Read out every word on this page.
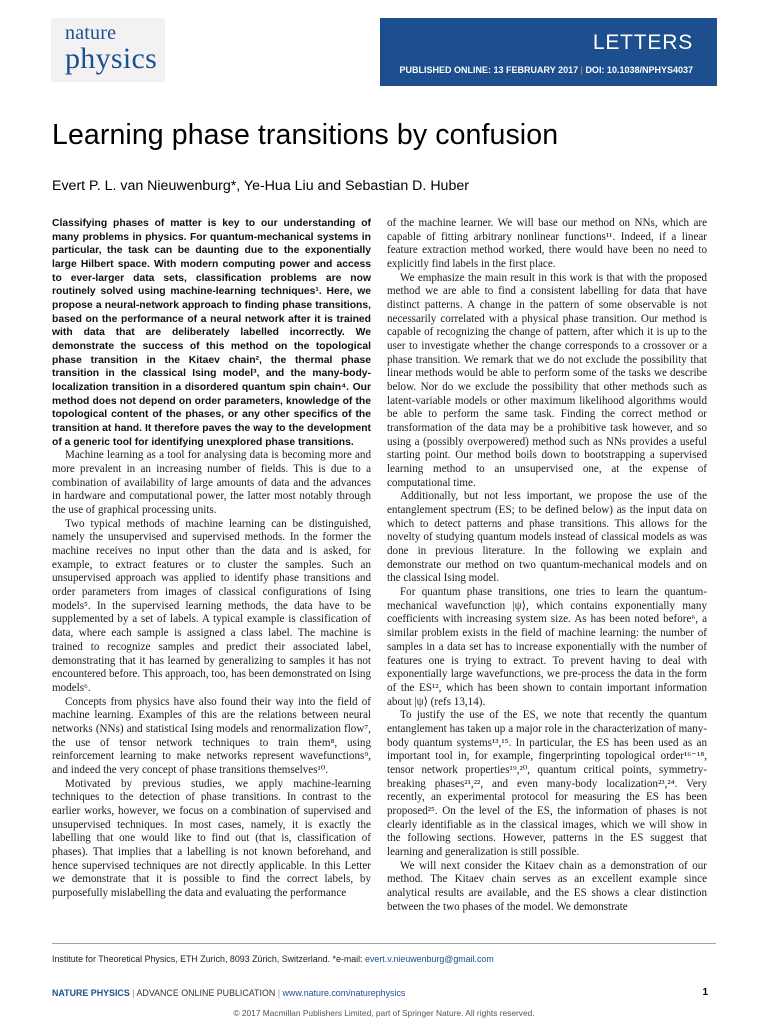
nature
physics	LETTERS
PUBLISHED ONLINE: 13 FEBRUARY 2017 | DOI: 10.1038/NPHYS4037
Learning phase transitions by confusion
Evert P. L. van Nieuwenburg*, Ye-Hua Liu and Sebastian D. Huber

Classifying phases of matter is key to our understanding of many problems in physics. For quantum-mechanical systems in particular, the task can be daunting due to the exponentially large Hilbert space. With modern computing power and access to ever-larger data sets, classification problems are now routinely solved using machine-learning techniques¹. Here, we propose a neural-network approach to finding phase transitions, based on the performance of a neural network after it is trained with data that are deliberately labelled incorrectly. We demonstrate the success of this method on the topological phase transition in the Kitaev chain², the thermal phase transition in the classical Ising model³, and the many-body-localization transition in a disordered quantum spin chain⁴. Our method does not depend on order parameters, knowledge of the topological content of the phases, or any other specifics of the transition at hand. It therefore paves the way to the development of a generic tool for identifying unexplored phase transitions.

Machine learning as a tool for analysing data is becoming more and more prevalent in an increasing number of fields. This is due to a combination of availability of large amounts of data and the advances in hardware and computational power, the latter most notably through the use of graphical processing units.

Two typical methods of machine learning can be distinguished, namely the unsupervised and supervised methods. In the former the machine receives no input other than the data and is asked, for example, to extract features or to cluster the samples. Such an unsupervised approach was applied to identify phase transitions and order parameters from images of classical configurations of Ising models⁵. In the supervised learning methods, the data have to be supplemented by a set of labels. A typical example is classification of data, where each sample is assigned a class label. The machine is trained to recognize samples and predict their associated label, demonstrating that it has learned by generalizing to samples it has not encountered before. This approach, too, has been demonstrated on Ising models⁶.

Concepts from physics have also found their way into the field of machine learning. Examples of this are the relations between neural networks (NNs) and statistical Ising models and renormalization flow⁷, the use of tensor network techniques to train them⁸, using reinforcement learning to make networks represent wavefunctions⁹, and indeed the very concept of phase transitions themselves¹⁰.

Motivated by previous studies, we apply machine-learning techniques to the detection of phase transitions. In contrast to the earlier works, however, we focus on a combination of supervised and unsupervised techniques. In most cases, namely, it is exactly the labelling that one would like to find out (that is, classification of phases). That implies that a labelling is not known beforehand, and hence supervised techniques are not directly applicable. In this Letter we demonstrate that it is possible to find the correct labels, by purposefully mislabelling the data and evaluating the performance

of the machine learner. We will base our method on NNs, which are capable of fitting arbitrary nonlinear functions¹¹. Indeed, if a linear feature extraction method worked, there would have been no need to explicitly find labels in the first place.

We emphasize the main result in this work is that with the proposed method we are able to find a consistent labelling for data that have distinct patterns. A change in the pattern of some observable is not necessarily correlated with a physical phase transition. Our method is capable of recognizing the change of pattern, after which it is up to the user to investigate whether the change corresponds to a crossover or a phase transition. We remark that we do not exclude the possibility that linear methods would be able to perform some of the tasks we describe below. Nor do we exclude the possibility that other methods such as latent-variable models or other maximum likelihood algorithms would be able to perform the same task. Finding the correct method or transformation of the data may be a prohibitive task however, and so using a (possibly overpowered) method such as NNs provides a useful starting point. Our method boils down to bootstrapping a supervised learning method to an unsupervised one, at the expense of computational time.

Additionally, but not less important, we propose the use of the entanglement spectrum (ES; to be defined below) as the input data on which to detect patterns and phase transitions. This allows for the novelty of studying quantum models instead of classical models as was done in previous literature. In the following we explain and demonstrate our method on two quantum-mechanical models and on the classical Ising model.

For quantum phase transitions, one tries to learn the quantum-mechanical wavefunction |ψ⟩, which contains exponentially many coefficients with increasing system size. As has been noted before⁶, a similar problem exists in the field of machine learning: the number of samples in a data set has to increase exponentially with the number of features one is trying to extract. To prevent having to deal with exponentially large wavefunctions, we pre-process the data in the form of the ES¹², which has been shown to contain important information about |ψ⟩ (refs 13,14).

To justify the use of the ES, we note that recently the quantum entanglement has taken up a major role in the characterization of many-body quantum systems¹³,¹⁵. In particular, the ES has been used as an important tool in, for example, fingerprinting topological order¹⁶⁻¹⁸, tensor network properties¹⁹,²⁰, quantum critical points, symmetry-breaking phases²¹,²², and even many-body localization²³,²⁴. Very recently, an experimental protocol for measuring the ES has been proposed²⁵. On the level of the ES, the information of phases is not clearly identifiable as in the classical images, which we will show in the following sections. However, patterns in the ES suggest that learning and generalization is still possible.

We will next consider the Kitaev chain as a demonstration of our method. The Kitaev chain serves as an excellent example since analytical results are available, and the ES shows a clear distinction between the two phases of the model. We demonstrate

Institute for Theoretical Physics, ETH Zurich, 8093 Zürich, Switzerland. *e-mail: evert.v.nieuwenburg@gmail.com
NATURE PHYSICS | ADVANCE ONLINE PUBLICATION | www.nature.com/naturephysics	1
© 2017 Macmillan Publishers Limited, part of Springer Nature. All rights reserved.
